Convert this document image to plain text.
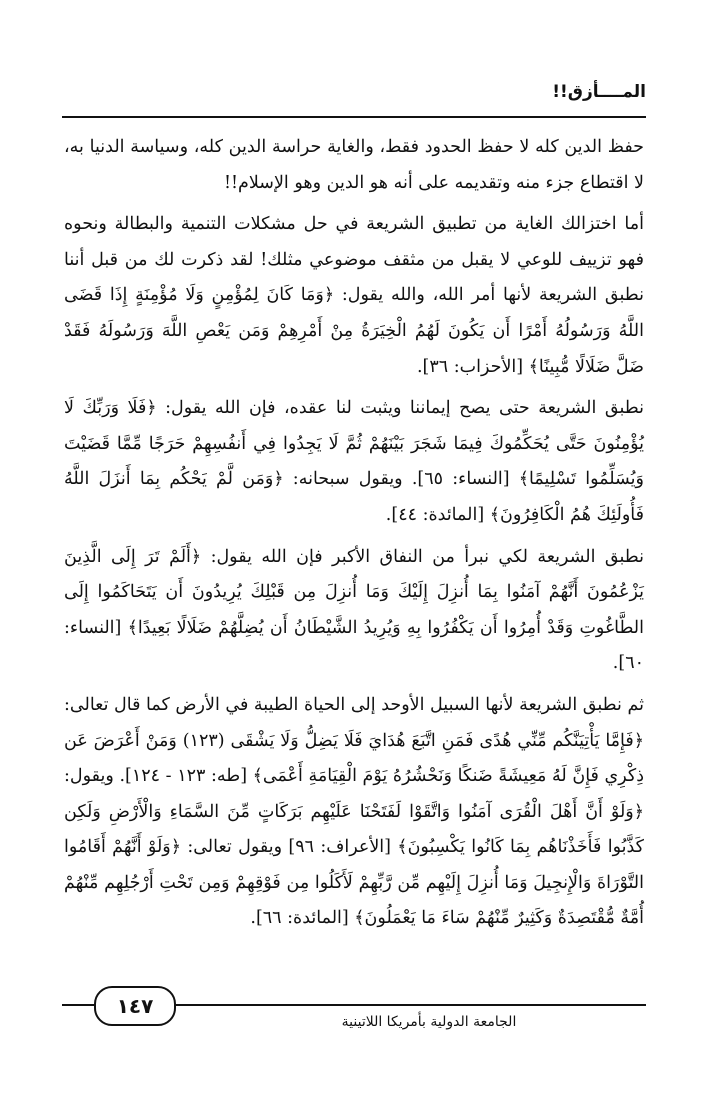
المــــأزق!!

حفظ الدين كله لا حفظ الحدود فقط، والغاية حراسة الدين كله، وسياسة الدنيا به، لا اقتطاع جزء منه وتقديمه على أنه هو الدين وهو الإسلام!!

أما اختزالك الغاية من تطبيق الشريعة في حل مشكلات التنمية والبطالة ونحوه فهو تزييف للوعي لا يقبل من مثقف موضوعي مثلك! لقد ذكرت لك من قبل أننا نطبق الشريعة لأنها أمر الله، والله يقول: ﴿وَمَا كَانَ لِمُؤْمِنٍ وَلَا مُؤْمِنَةٍ إِذَا قَضَى اللَّهُ وَرَسُولُهُ أَمْرًا أَن يَكُونَ لَهُمُ الْخِيَرَةُ مِنْ أَمْرِهِمْ وَمَن يَعْصِ اللَّهَ وَرَسُولَهُ فَقَدْ ضَلَّ ضَلَالًا مُّبِينًا﴾ [الأحزاب: ٣٦].

نطبق الشريعة حتى يصح إيماننا ويثبت لنا عقده، فإن الله يقول: ﴿فَلَا وَرَبِّكَ لَا يُؤْمِنُونَ حَتَّى يُحَكِّمُوكَ فِيمَا شَجَرَ بَيْنَهُمْ ثُمَّ لَا يَجِدُوا فِي أَنفُسِهِمْ حَرَجًا مِّمَّا قَضَيْتَ وَيُسَلِّمُوا تَسْلِيمًا﴾ [النساء: ٦٥]. ويقول سبحانه: ﴿وَمَن لَّمْ يَحْكُم بِمَا أَنزَلَ اللَّهُ فَأُولَئِكَ هُمُ الْكَافِرُونَ﴾ [المائدة: ٤٤].

نطبق الشريعة لكي نبرأ من النفاق الأكبر فإن الله يقول: ﴿أَلَمْ تَرَ إِلَى الَّذِينَ يَزْعُمُونَ أَنَّهُمْ آمَنُوا بِمَا أُنزِلَ إِلَيْكَ وَمَا أُنزِلَ مِن قَبْلِكَ يُرِيدُونَ أَن يَتَحَاكَمُوا إِلَى الطَّاغُوتِ وَقَدْ أُمِرُوا أَن يَكْفُرُوا بِهِ وَيُرِيدُ الشَّيْطَانُ أَن يُضِلَّهُمْ ضَلَالًا بَعِيدًا﴾ [النساء: ٦٠].

ثم نطبق الشريعة لأنها السبيل الأوحد إلى الحياة الطيبة في الأرض كما قال تعالى: ﴿فَإِمَّا يَأْتِيَنَّكُم مِّنِّي هُدًى فَمَنِ اتَّبَعَ هُدَايَ فَلَا يَضِلُّ وَلَا يَشْقَى (١٢٣) وَمَنْ أَعْرَضَ عَن ذِكْرِي فَإِنَّ لَهُ مَعِيشَةً ضَنكًا وَنَحْشُرُهُ يَوْمَ الْقِيَامَةِ أَعْمَى﴾ [طه: ١٢٣ - ١٢٤]. ويقول: ﴿وَلَوْ أَنَّ أَهْلَ الْقُرَى آمَنُوا وَاتَّقَوْا لَفَتَحْنَا عَلَيْهِم بَرَكَاتٍ مِّنَ السَّمَاءِ وَالْأَرْضِ وَلَكِن كَذَّبُوا فَأَخَذْنَاهُم بِمَا كَانُوا يَكْسِبُونَ﴾ [الأعراف: ٩٦] ويقول تعالى: ﴿وَلَوْ أَنَّهُمْ أَقَامُوا التَّوْرَاةَ وَالْإِنجِيلَ وَمَا أُنزِلَ إِلَيْهِم مِّن رَّبِّهِمْ لَأَكَلُوا مِن فَوْقِهِمْ وَمِن تَحْتِ أَرْجُلِهِم مِّنْهُمْ أُمَّةٌ مُّقْتَصِدَةٌ وَكَثِيرٌ مِّنْهُمْ سَاءَ مَا يَعْمَلُونَ﴾ [المائدة: ٦٦].

١٤٧
الجامعة الدولية بأمريكا اللاتينية
